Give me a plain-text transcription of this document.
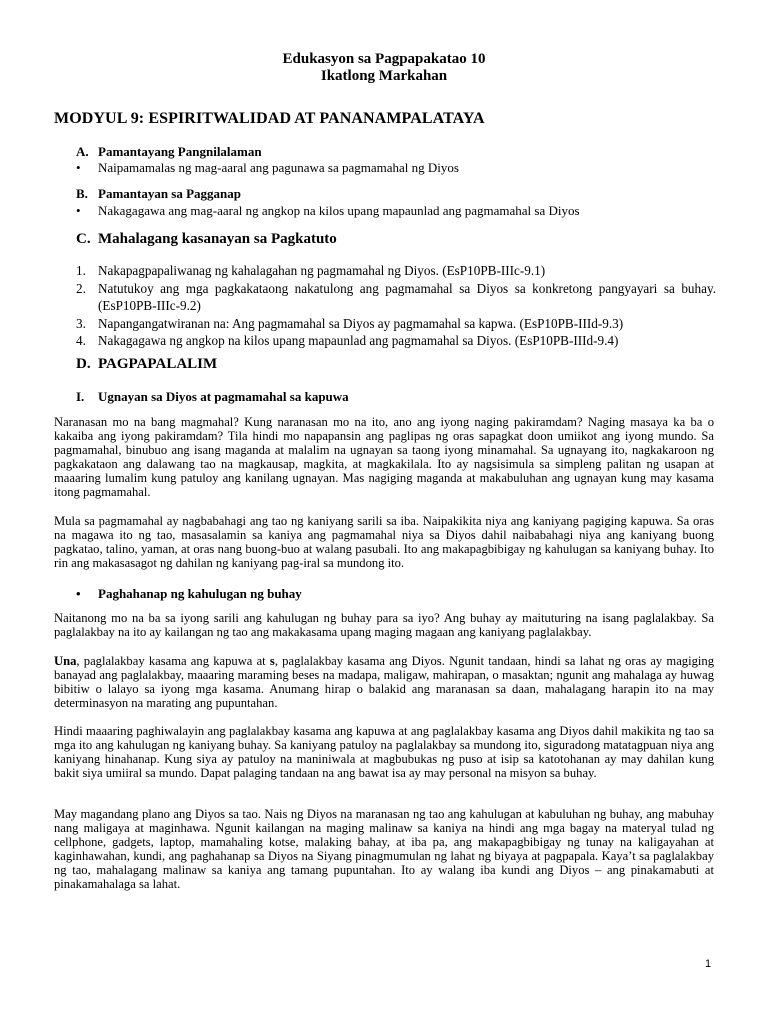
Edukasyon sa Pagpapakatao 10
Ikatlong Markahan
MODYUL 9: ESPIRITWALIDAD AT PANANAMPALATAYA
A. Pamantayang Pangnilalaman
• Naipamamalas ng mag-aaral ang pagunawa sa pagmamahal ng Diyos
B. Pamantayan sa Pagganap
• Nakagagawa ang mag-aaral ng angkop na kilos upang mapaunlad ang pagmamahal sa Diyos
C. Mahalagang kasanayan sa Pagkatuto
1. Nakapagpapaliwanag ng kahalagahan ng pagmamahal ng Diyos. (EsP10PB-IIIc-9.1)
2. Natutukoy ang mga pagkakataong nakatulong ang pagmamahal sa Diyos sa konkretong pangyayari sa buhay. (EsP10PB-IIIc-9.2)
3. Napangangatwiranan na: Ang pagmamahal sa Diyos ay pagmamahal sa kapwa. (EsP10PB-IIId-9.3)
4. Nakagagawa ng angkop na kilos upang mapaunlad ang pagmamahal sa Diyos. (EsP10PB-IIId-9.4)
D. PAGPAPALALIM
I. Ugnayan sa Diyos at pagmamahal sa kapuwa
Naranasan mo na bang magmahal? Kung naranasan mo na ito, ano ang iyong naging pakiramdam? Naging masaya ka ba o kakaiba ang iyong pakiramdam? Tila hindi mo napapansin ang paglipas ng oras sapagkat doon umiikot ang iyong mundo. Sa pagmamahal, binubuo ang isang maganda at malalim na ugnayan sa taong iyong minamahal. Sa ugnayang ito, nagkakaroon ng pagkakataon ang dalawang tao na magkausap, magkita, at magkakilala. Ito ay nagsisimula sa simpleng palitan ng usapan at maaaring lumalim kung patuloy ang kanilang ugnayan. Mas nagiging maganda at makabuluhan ang ugnayan kung may kasama itong pagmamahal.
Mula sa pagmamahal ay nagbabahagi ang tao ng kaniyang sarili sa iba. Naipakikita niya ang kaniyang pagiging kapuwa. Sa oras na magawa ito ng tao, masasalamin sa kaniya ang pagmamahal niya sa Diyos dahil naibabahagi niya ang kaniyang buong pagkatao, talino, yaman, at oras nang buong-buo at walang pasubali. Ito ang makapagbibigay ng kahulugan sa kaniyang buhay. Ito rin ang makasasagot ng dahilan ng kaniyang pag-iral sa mundong ito.
• Paghahanap ng kahulugan ng buhay
Naitanong mo na ba sa iyong sarili ang kahulugan ng buhay para sa iyo? Ang buhay ay maituturing na isang paglalakbay. Sa paglalakbay na ito ay kailangan ng tao ang makakasama upang maging magaan ang kaniyang paglalakbay.
Una, paglalakbay kasama ang kapuwa at s, paglalakbay kasama ang Diyos. Ngunit tandaan, hindi sa lahat ng oras ay magiging banayad ang paglalakbay, maaaring maraming beses na madapa, maligaw, mahirapan, o masaktan; ngunit ang mahalaga ay huwag bibitiw o lalayo sa iyong mga kasama. Anumang hirap o balakid ang maranasan sa daan, mahalagang harapin ito na may determinasyon na marating ang pupuntahan.
Hindi maaaring paghiwalayin ang paglalakbay kasama ang kapuwa at ang paglalakbay kasama ang Diyos dahil makikita ng tao sa mga ito ang kahulugan ng kaniyang buhay. Sa kaniyang patuloy na paglalakbay sa mundong ito, siguradong matatagpuan niya ang kaniyang hinahanap. Kung siya ay patuloy na maniniwala at magbubukas ng puso at isip sa katotohanan ay may dahilan kung bakit siya umiiral sa mundo. Dapat palaging tandaan na ang bawat isa ay may personal na misyon sa buhay.
May magandang plano ang Diyos sa tao. Nais ng Diyos na maranasan ng tao ang kahulugan at kabuluhan ng buhay, ang mabuhay nang maligaya at maginhawa. Ngunit kailangan na maging malinaw sa kaniya na hindi ang mga bagay na materyal tulad ng cellphone, gadgets, laptop, mamahaling kotse, malaking bahay, at iba pa, ang makapagbibigay ng tunay na kaligayahan at kaginhawahan, kundi, ang paghahanap sa Diyos na Siyang pinagmumulan ng lahat ng biyaya at pagpapala. Kaya’t sa paglalakbay ng tao, mahalagang malinaw sa kaniya ang tamang pupuntahan. Ito ay walang iba kundi ang Diyos – ang pinakamabuti at pinakamahalaga sa lahat.
1
